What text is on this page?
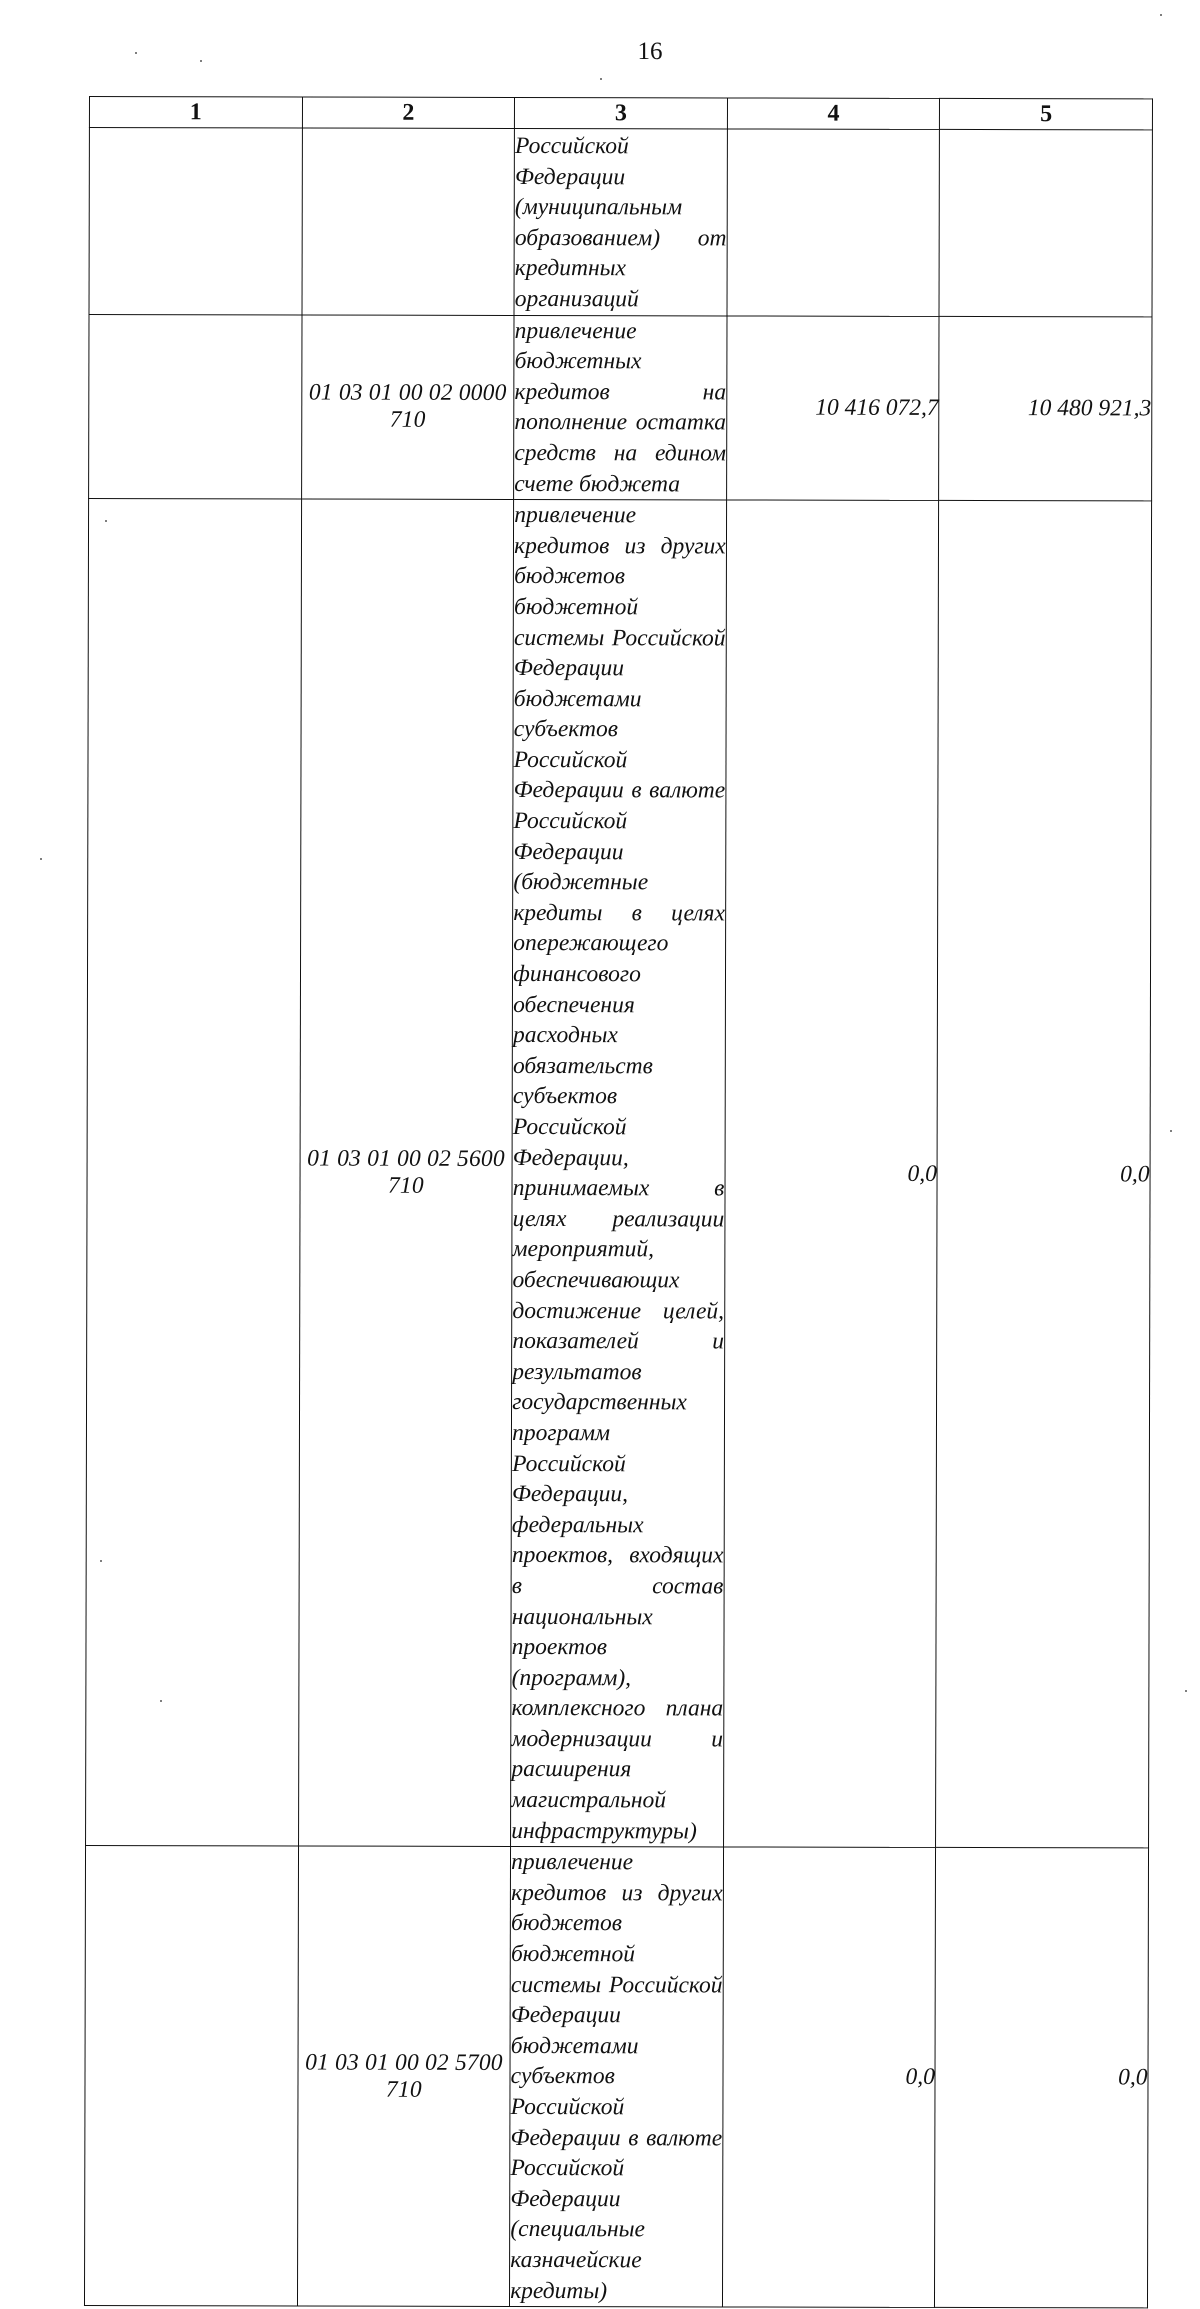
16
1	2	3	4	5
		Российской Федерации (муниципальным образованием) от кредитных организаций		
	01 03 01 00 02 0000 710	привлечение бюджетных кредитов на пополнение остатка средств на едином счете бюджета	10 416 072,7	10 480 921,3
	01 03 01 00 02 5600 710	привлечение кредитов из других бюджетов бюджетной системы Российской Федерации бюджетами субъектов Российской Федерации в валюте Российской Федерации (бюджетные кредиты в целях опережающего финансового обеспечения расходных обязательств субъектов Российской Федерации, принимаемых в целях реализации мероприятий, обеспечивающих достижение целей, показателей и результатов государственных программ Российской Федерации, федеральных проектов, входящих в состав национальных проектов (программ), комплексного плана модернизации и расширения магистральной инфраструктуры)	0,0	0,0
	01 03 01 00 02 5700 710	привлечение кредитов из других бюджетов бюджетной системы Российской Федерации бюджетами субъектов Российской Федерации в валюте Российской Федерации (специальные казначейские кредиты)	0,0	0,0
